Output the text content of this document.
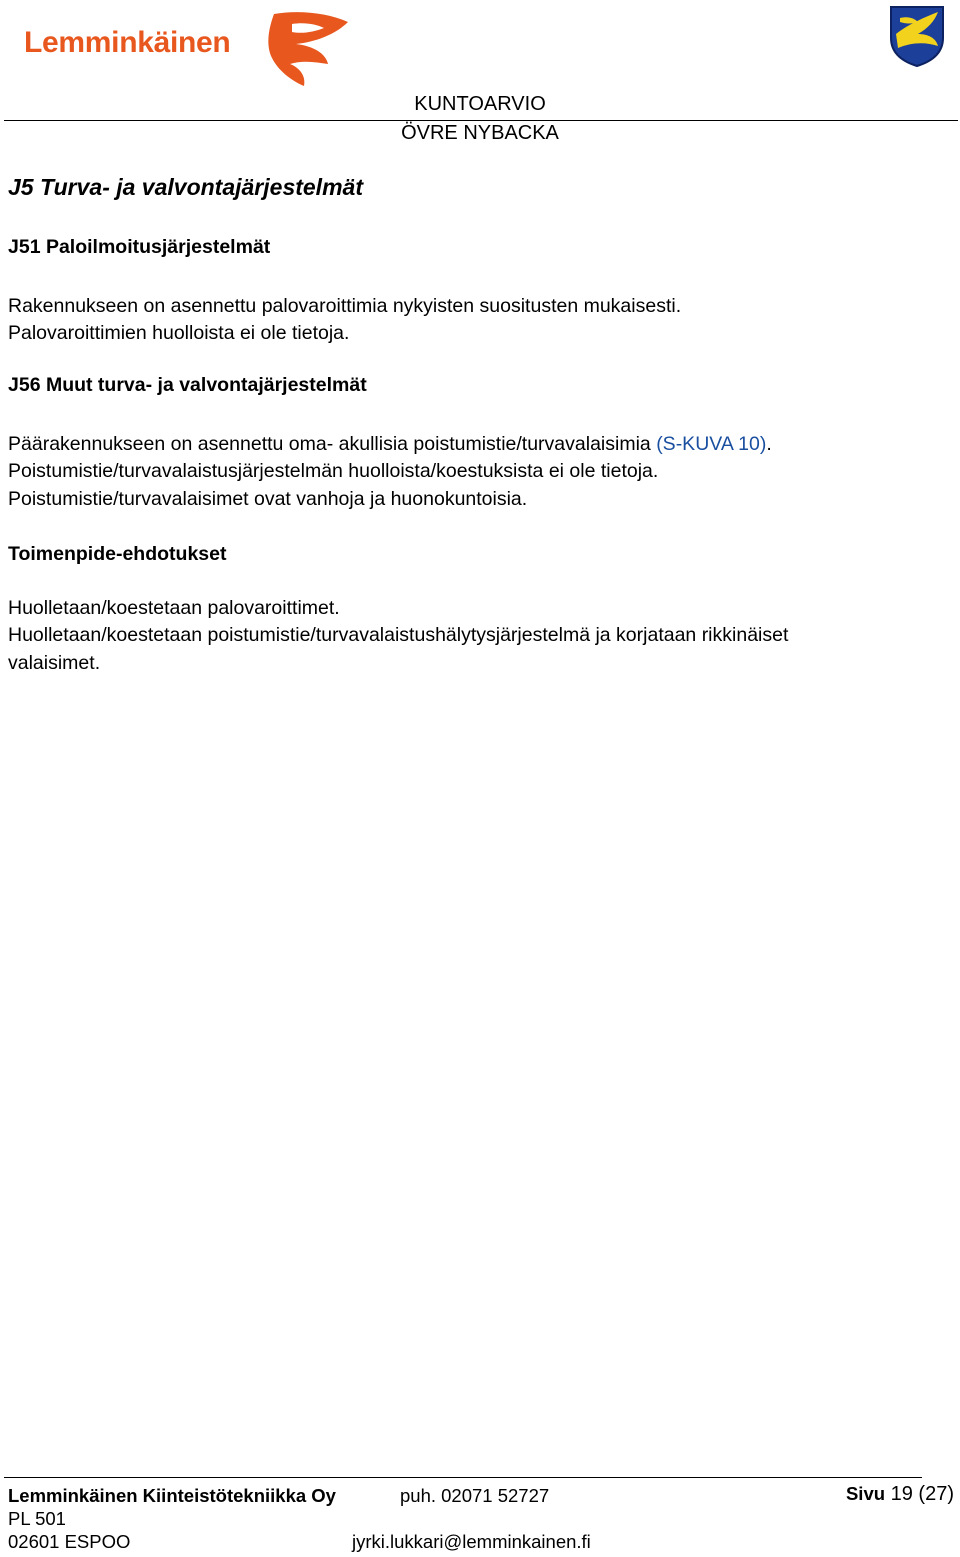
Lemminkäinen
KUNTOARVIO
ÖVRE NYBACKA
J5 Turva- ja valvontajärjestelmät
J51 Paloilmoitusjärjestelmät
Rakennukseen on asennettu palovaroittimia nykyisten suositusten mukaisesti.
Palovaroittimien huolloista ei ole tietoja.
J56 Muut turva- ja valvontajärjestelmät
Päärakennukseen on asennettu oma- akullisia poistumistie/turvavalaisimia (S-KUVA 10).
Poistumistie/turvavalaistusjärjestelmän huolloista/koestuksista ei ole tietoja.
Poistumistie/turvavalaisimet ovat vanhoja ja huonokuntoisia.
Toimenpide-ehdotukset
Huolletaan/koestetaan palovaroittimet.
Huolletaan/koestetaan poistumistie/turvavalaistushälytysjärjestelmä ja korjataan rikkinäiset
valaisimet.
Lemminkäinen Kiinteistötekniikka Oy	puh. 02071 52727	Sivu 19 (27)
PL 501
02601 ESPOO	jyrki.lukkari@lemminkainen.fi
